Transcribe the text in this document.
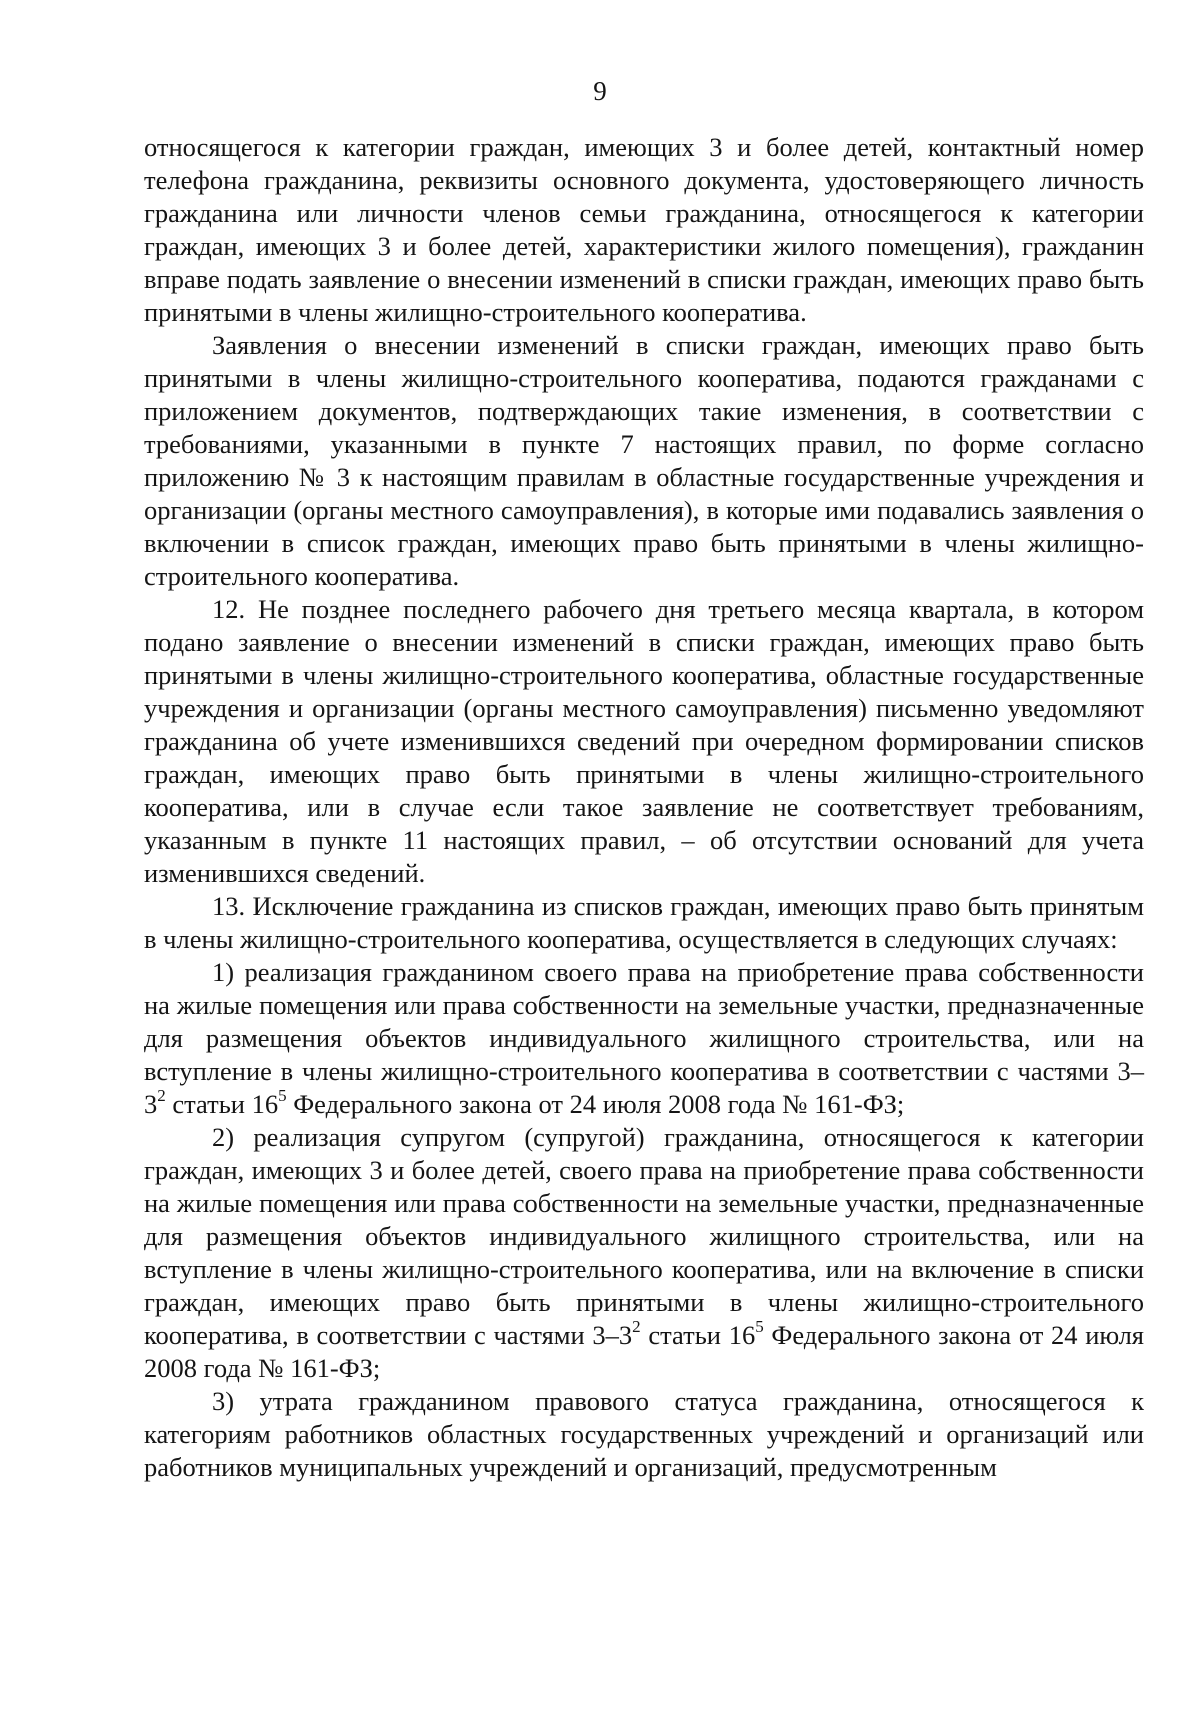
9

относящегося к категории граждан, имеющих 3 и более детей, контактный номер телефона гражданина, реквизиты основного документа, удостоверяющего личность гражданина или личности членов семьи гражданина, относящегося к категории граждан, имеющих 3 и более детей, характеристики жилого помещения), гражданин вправе подать заявление о внесении изменений в списки граждан, имеющих право быть принятыми в члены жилищно-строительного кооператива.

Заявления о внесении изменений в списки граждан, имеющих право быть принятыми в члены жилищно-строительного кооператива, подаются гражданами с приложением документов, подтверждающих такие изменения, в соответствии с требованиями, указанными в пункте 7 настоящих правил, по форме согласно приложению № 3 к настоящим правилам в областные государственные учреждения и организации (органы местного самоуправления), в которые ими подавались заявления о включении в список граждан, имеющих право быть принятыми в члены жилищно-строительного кооператива.

12. Не позднее последнего рабочего дня третьего месяца квартала, в котором подано заявление о внесении изменений в списки граждан, имеющих право быть принятыми в члены жилищно-строительного кооператива, областные государственные учреждения и организации (органы местного самоуправления) письменно уведомляют гражданина об учете изменившихся сведений при очередном формировании списков граждан, имеющих право быть принятыми в члены жилищно-строительного кооператива, или в случае если такое заявление не соответствует требованиям, указанным в пункте 11 настоящих правил, – об отсутствии оснований для учета изменившихся сведений.

13. Исключение гражданина из списков граждан, имеющих право быть принятым в члены жилищно-строительного кооператива, осуществляется в следующих случаях:

1) реализация гражданином своего права на приобретение права собственности на жилые помещения или права собственности на земельные участки, предназначенные для размещения объектов индивидуального жилищного строительства, или на вступление в члены жилищно-строительного кооператива в соответствии с частями $3-3^2$ статьи $16^5$ Федерального закона от 24 июля 2008 года № 161-ФЗ;

2) реализация супругом (супругой) гражданина, относящегося к категории граждан, имеющих 3 и более детей, своего права на приобретение права собственности на жилые помещения или права собственности на земельные участки, предназначенные для размещения объектов индивидуального жилищного строительства, или на вступление в члены жилищно-строительного кооператива, или на включение в списки граждан, имеющих право быть принятыми в члены жилищно-строительного кооператива, в соответствии с частями $3-3^2$ статьи $16^5$ Федерального закона от 24 июля 2008 года № 161-ФЗ;

3) утрата гражданином правового статуса гражданина, относящегося к категориям работников областных государственных учреждений и организаций или работников муниципальных учреждений и организаций, предусмотренным
